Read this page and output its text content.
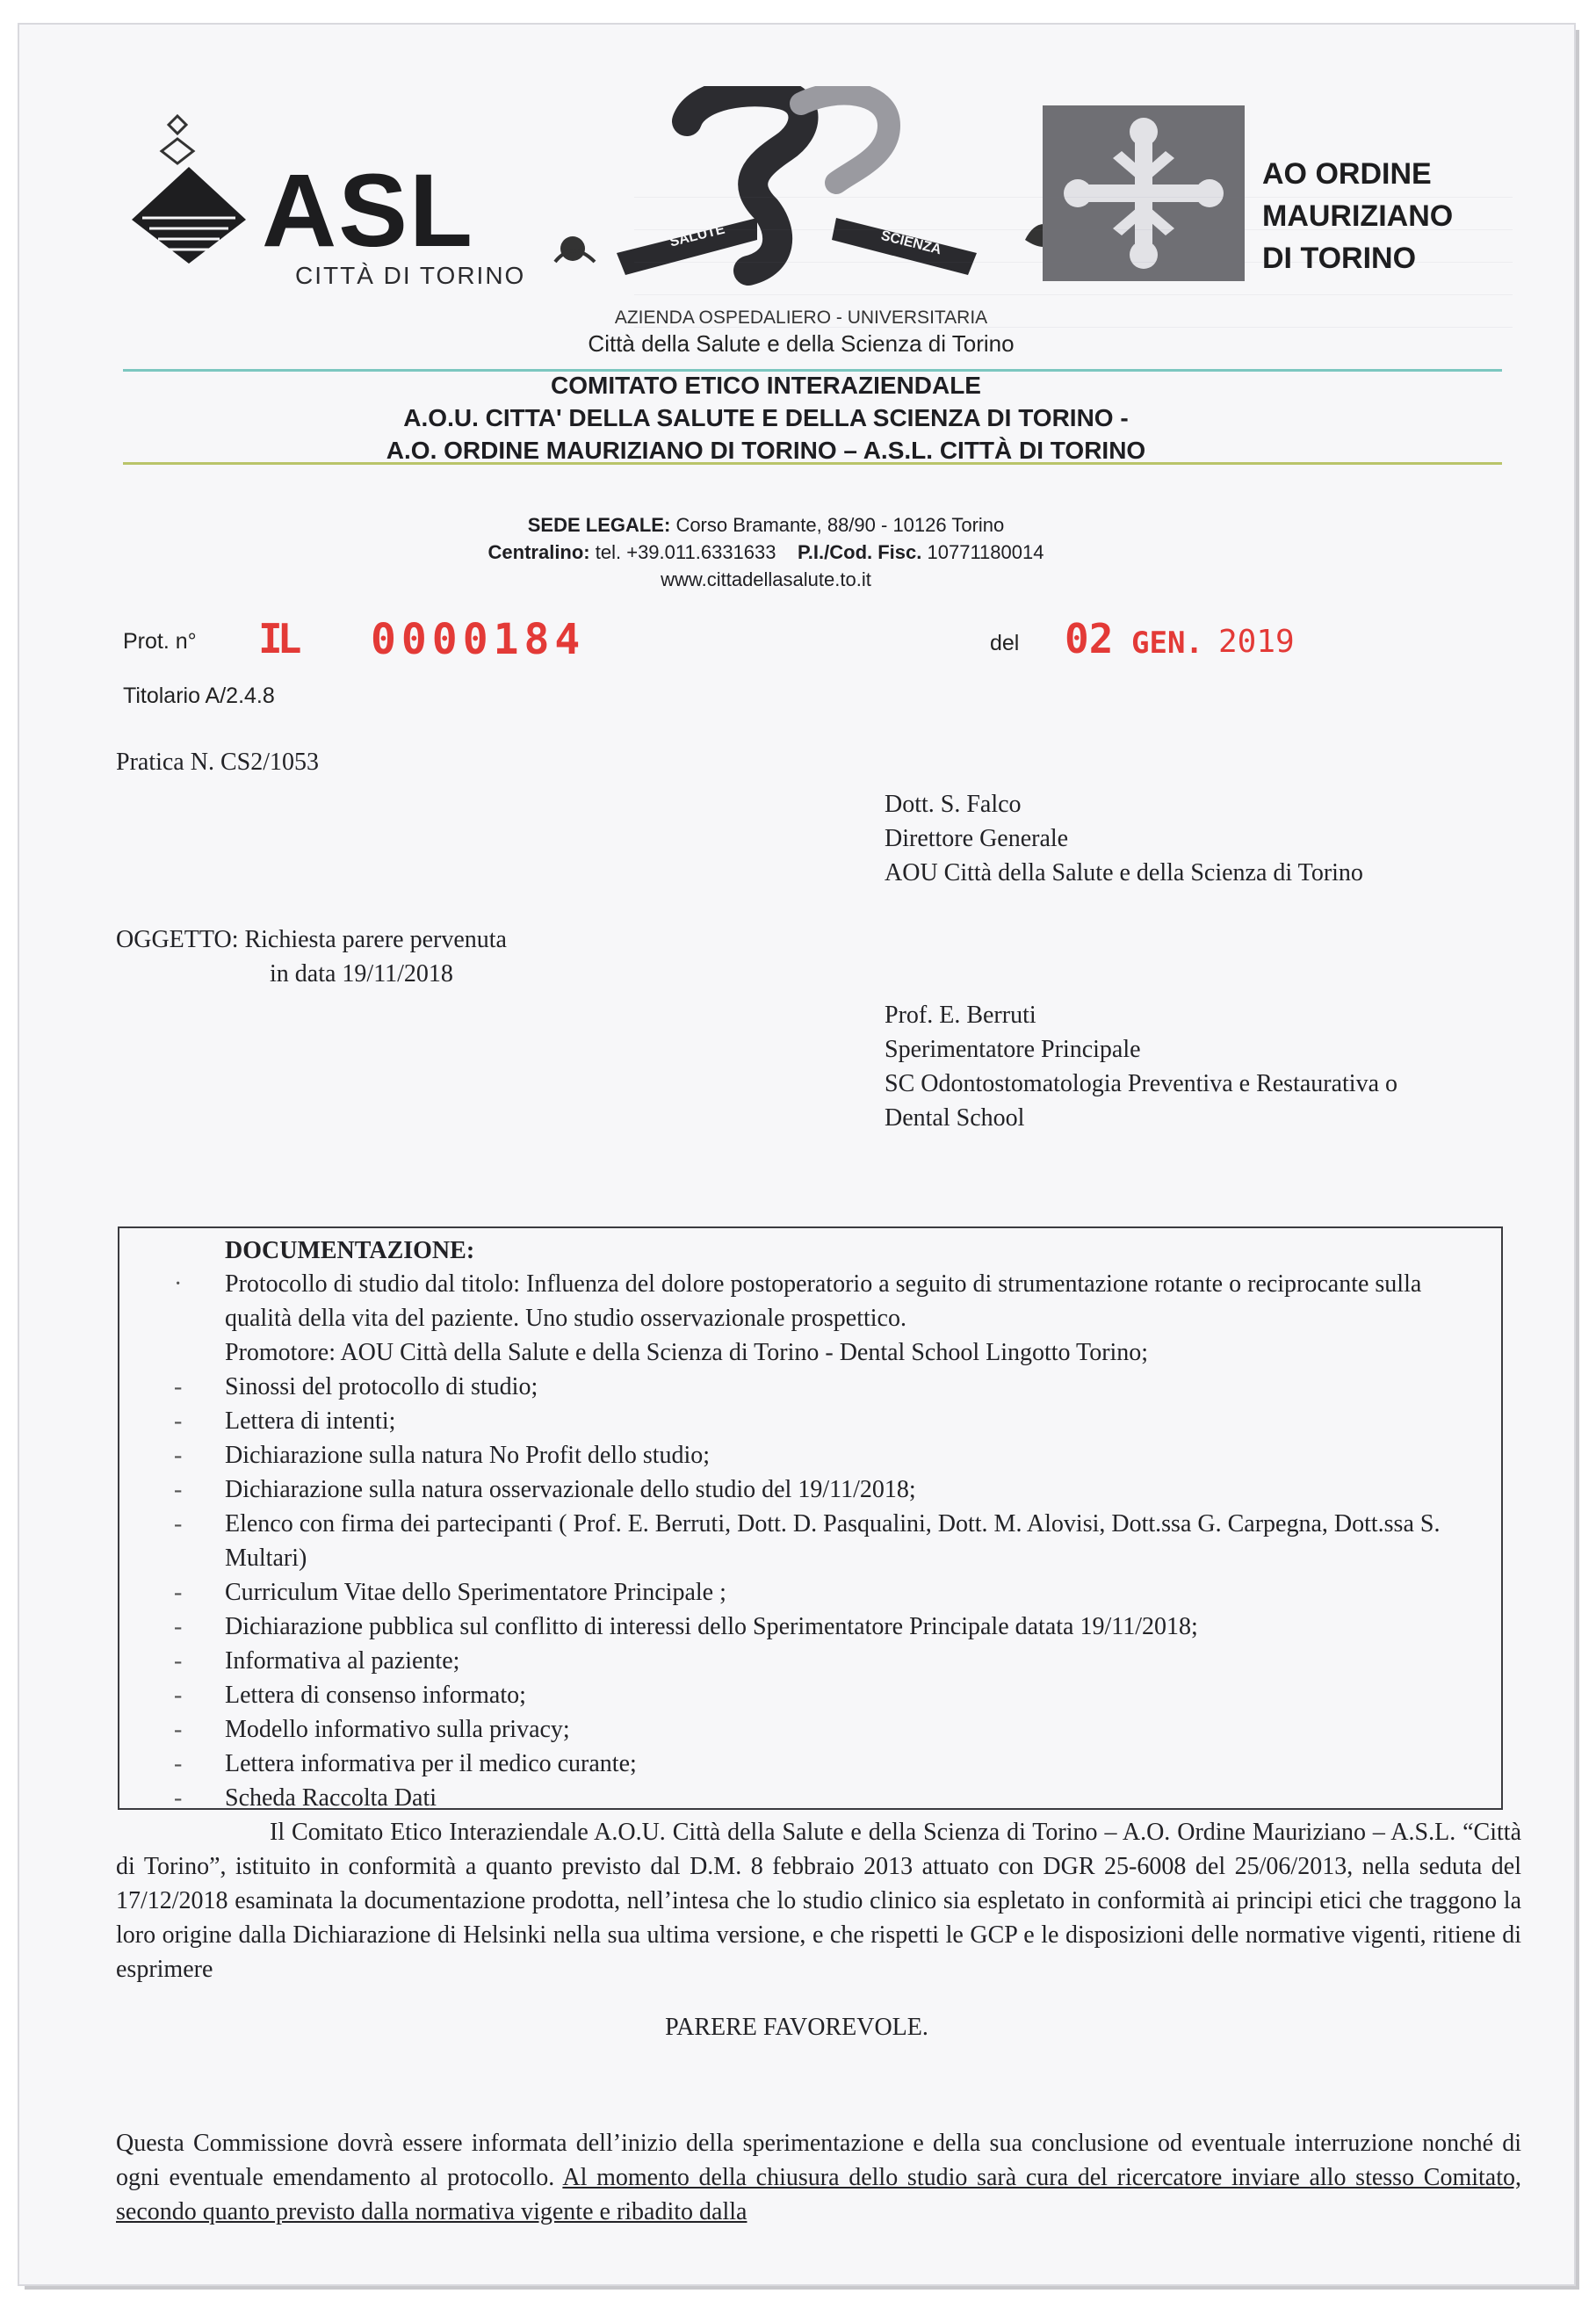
ASL
CITTÀ DI TORINO
SALUTE	SCIENZA
AZIENDA OSPEDALIERO - UNIVERSITARIA
Città della Salute e della Scienza di Torino
AO ORDINE
MAURIZIANO
DI TORINO
COMITATO ETICO INTERAZIENDALE
A.O.U. CITTA' DELLA SALUTE E DELLA SCIENZA DI TORINO -
A.O. ORDINE MAURIZIANO DI TORINO – A.S.L. CITTÀ DI TORINO
SEDE LEGALE: Corso Bramante, 88/90 - 10126 Torino
Centralino: tel. +39.011.6331633 P.I./Cod. Fisc. 10771180014
www.cittadellasalute.to.it
Prot. n° IL 0000184	del 02 GEN. 2019
Titolario A/2.4.8
Pratica N. CS2/1053
Dott. S. Falco
Direttore Generale
AOU Città della Salute e della Scienza di Torino
OGGETTO: Richiesta parere pervenuta
in data 19/11/2018
Prof. E. Berruti
Sperimentatore Principale
SC Odontostomatologia Preventiva e Restaurativa o
Dental School
DOCUMENTAZIONE:
· Protocollo di studio dal titolo: Influenza del dolore postoperatorio a seguito di strumentazione rotante o reciprocante sulla qualità della vita del paziente. Uno studio osservazionale prospettico.
Promotore: AOU Città della Salute e della Scienza di Torino - Dental School Lingotto Torino;
- Sinossi del protocollo di studio;
- Lettera di intenti;
- Dichiarazione sulla natura No Profit dello studio;
- Dichiarazione sulla natura osservazionale dello studio del 19/11/2018;
- Elenco con firma dei partecipanti ( Prof. E. Berruti, Dott. D. Pasqualini, Dott. M. Alovisi, Dott.ssa G. Carpegna, Dott.ssa S. Multari)
- Curriculum Vitae dello Sperimentatore Principale ;
- Dichiarazione pubblica sul conflitto di interessi dello Sperimentatore Principale datata 19/11/2018;
- Informativa al paziente;
- Lettera di consenso informato;
- Modello informativo sulla privacy;
- Lettera informativa per il medico curante;
- Scheda Raccolta Dati
Il Comitato Etico Interaziendale A.O.U. Città della Salute e della Scienza di Torino – A.O. Ordine Mauriziano – A.S.L. “Città di Torino”, istituito in conformità a quanto previsto dal D.M. 8 febbraio 2013 attuato con DGR 25-6008 del 25/06/2013, nella seduta del 17/12/2018 esaminata la documentazione prodotta, nell’intesa che lo studio clinico sia espletato in conformità ai principi etici che traggono la loro origine dalla Dichiarazione di Helsinki nella sua ultima versione, e che rispetti le GCP e le disposizioni delle normative vigenti, ritiene di esprimere
PARERE FAVOREVOLE.
Questa Commissione dovrà essere informata dell’inizio della sperimentazione e della sua conclusione od eventuale interruzione nonché di ogni eventuale emendamento al protocollo. Al momento della chiusura dello studio sarà cura del ricercatore inviare allo stesso Comitato, secondo quanto previsto dalla normativa vigente e ribadito dalla
